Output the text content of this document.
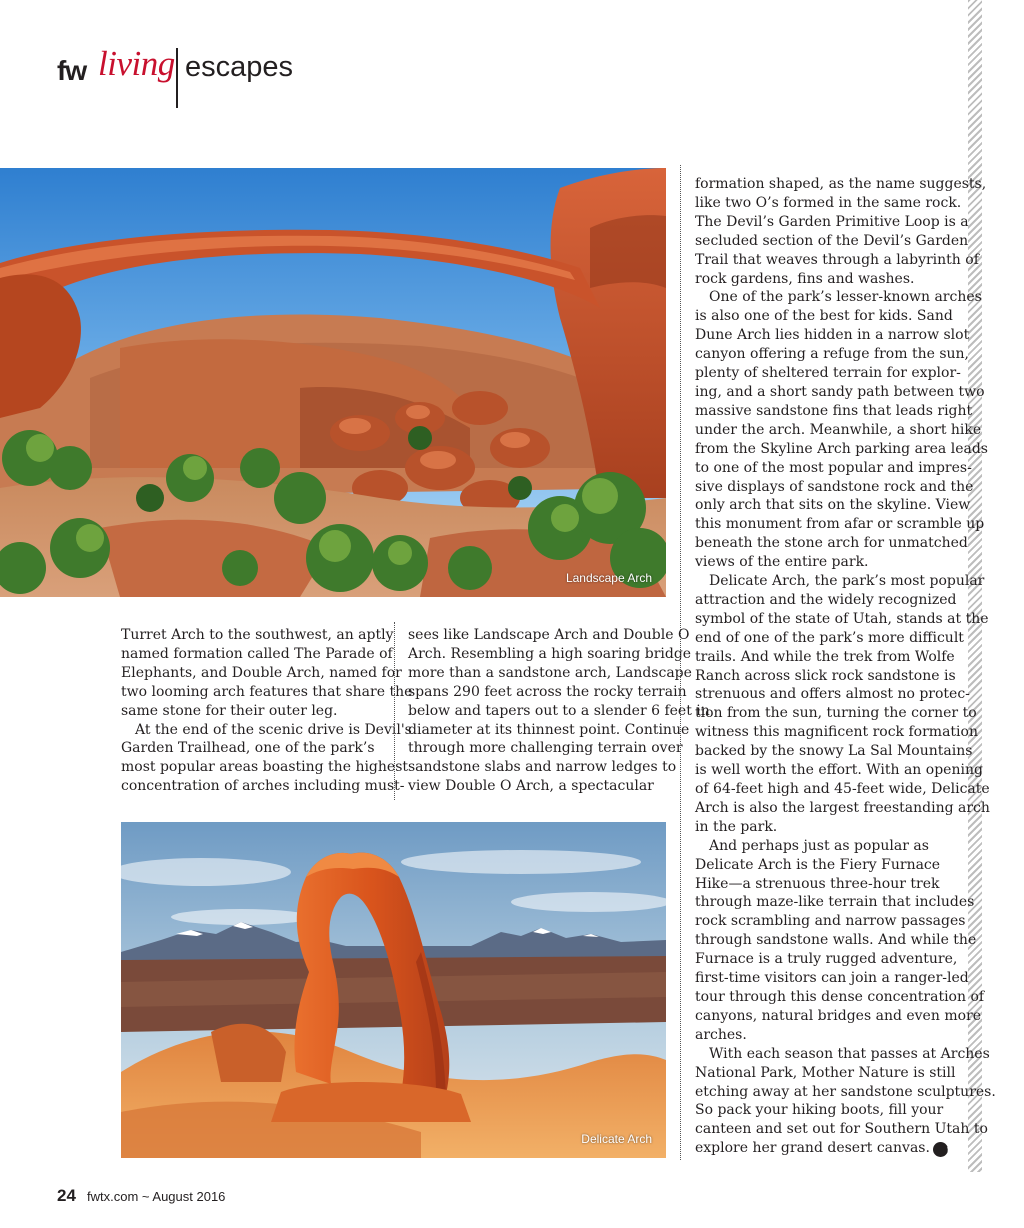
fw living escapes
Landscape Arch

Turret Arch to the southwest, an aptly
named formation called The Parade of
Elephants, and Double Arch, named for
two looming arch features that share the
same stone for their outer leg.

At the end of the scenic drive is Devil's
Garden Trailhead, one of the park’s
most popular areas boasting the highest
concentration of arches including must-

sees like Landscape Arch and Double O
Arch. Resembling a high soaring bridge
more than a sandstone arch, Landscape
spans 290 feet across the rocky terrain
below and tapers out to a slender 6 feet in
diameter at its thinnest point. Continue
through more challenging terrain over
sandstone slabs and narrow ledges to
view Double O Arch, a spectacular

Delicate Arch

formation shaped, as the name suggests,
like two O’s formed in the same rock.
The Devil’s Garden Primitive Loop is a
secluded section of the Devil’s Garden
Trail that weaves through a labyrinth of
rock gardens, fins and washes.

One of the park’s lesser-known arches
is also one of the best for kids. Sand
Dune Arch lies hidden in a narrow slot
canyon offering a refuge from the sun,
plenty of sheltered terrain for explor-
ing, and a short sandy path between two
massive sandstone fins that leads right
under the arch. Meanwhile, a short hike
from the Skyline Arch parking area leads
to one of the most popular and impres-
sive displays of sandstone rock and the
only arch that sits on the skyline. View
this monument from afar or scramble up
beneath the stone arch for unmatched
views of the entire park.

Delicate Arch, the park’s most popular
attraction and the widely recognized
symbol of the state of Utah, stands at the
end of one of the park’s more difficult
trails. And while the trek from Wolfe
Ranch across slick rock sandstone is
strenuous and offers almost no protec-
tion from the sun, turning the corner to
witness this magnificent rock formation
backed by the snowy La Sal Mountains
is well worth the effort. With an opening
of 64-feet high and 45-feet wide, Delicate
Arch is also the largest freestanding arch
in the park.

And perhaps just as popular as
Delicate Arch is the Fiery Furnace
Hike—a strenuous three-hour trek
through maze-like terrain that includes
rock scrambling and narrow passages
through sandstone walls. And while the
Furnace is a truly rugged adventure,
first-time visitors can join a ranger-led
tour through this dense concentration of
canyons, natural bridges and even more
arches.

With each season that passes at Arches
National Park, Mother Nature is still
etching away at her sandstone sculptures.
So pack your hiking boots, fill your
canteen and set out for Southern Utah to
explore her grand desert canvas. fw

24 fwtx.com ~ August 2016
